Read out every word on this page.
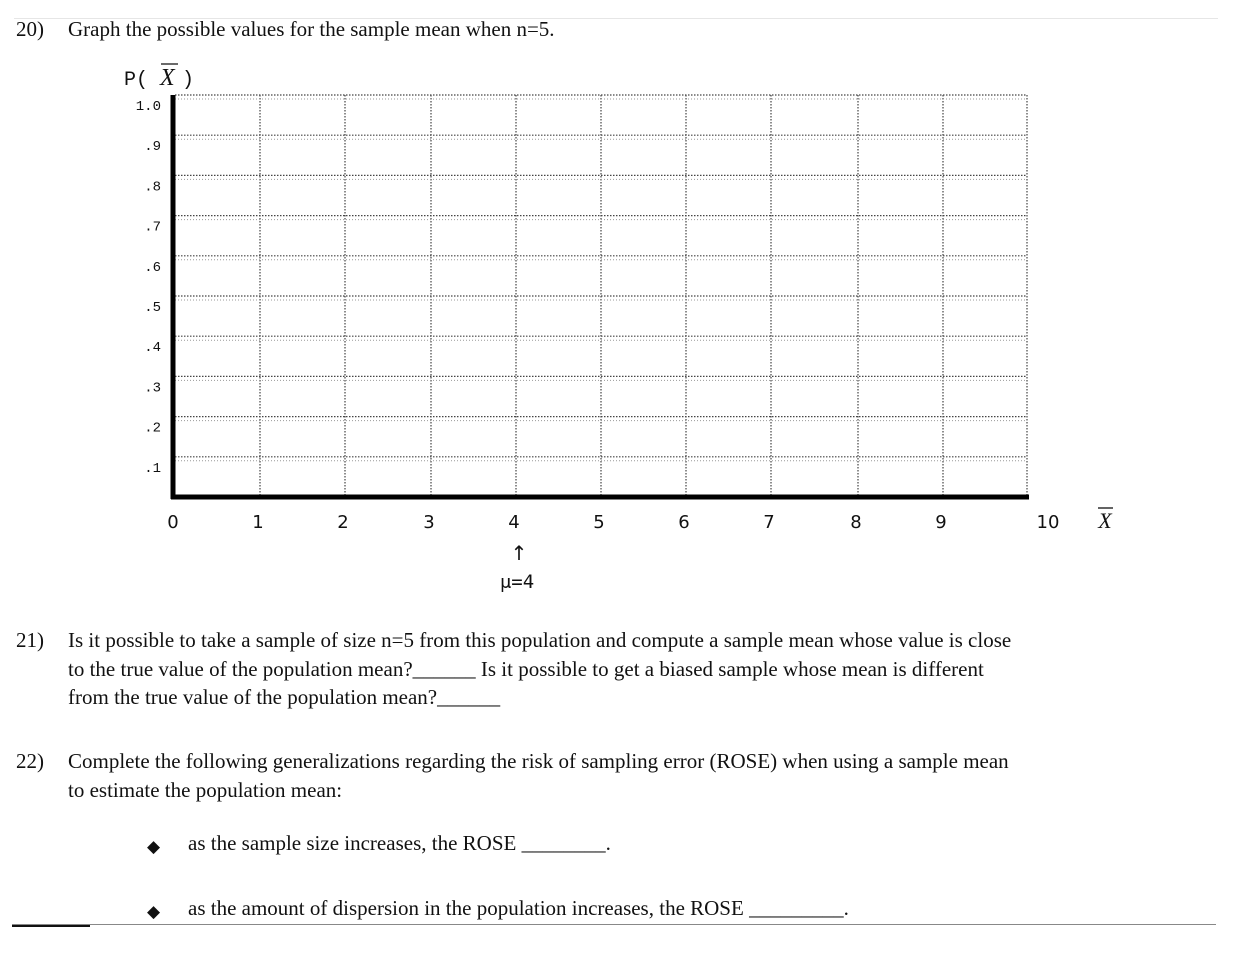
20) Graph the possible values for the sample mean when n=5.
1.0
.9
.8
.7
.6
.5
.4
.3
.2
.1
0	1	2	3	4	5	6	7	8	9	10 X
P( X )
↑
μ=4
21) Is it possible to take a sample of size n=5 from this population and compute a sample mean whose value is close
to the true value of the population mean?______ Is it possible to get a biased sample whose mean is different
from the true value of the population mean?______
22) Complete the following generalizations regarding the risk of sampling error (ROSE) when using a sample mean
to estimate the population mean:
◆ as the sample size increases, the ROSE ________.
◆ as the amount of dispersion in the population increases, the ROSE _________.
